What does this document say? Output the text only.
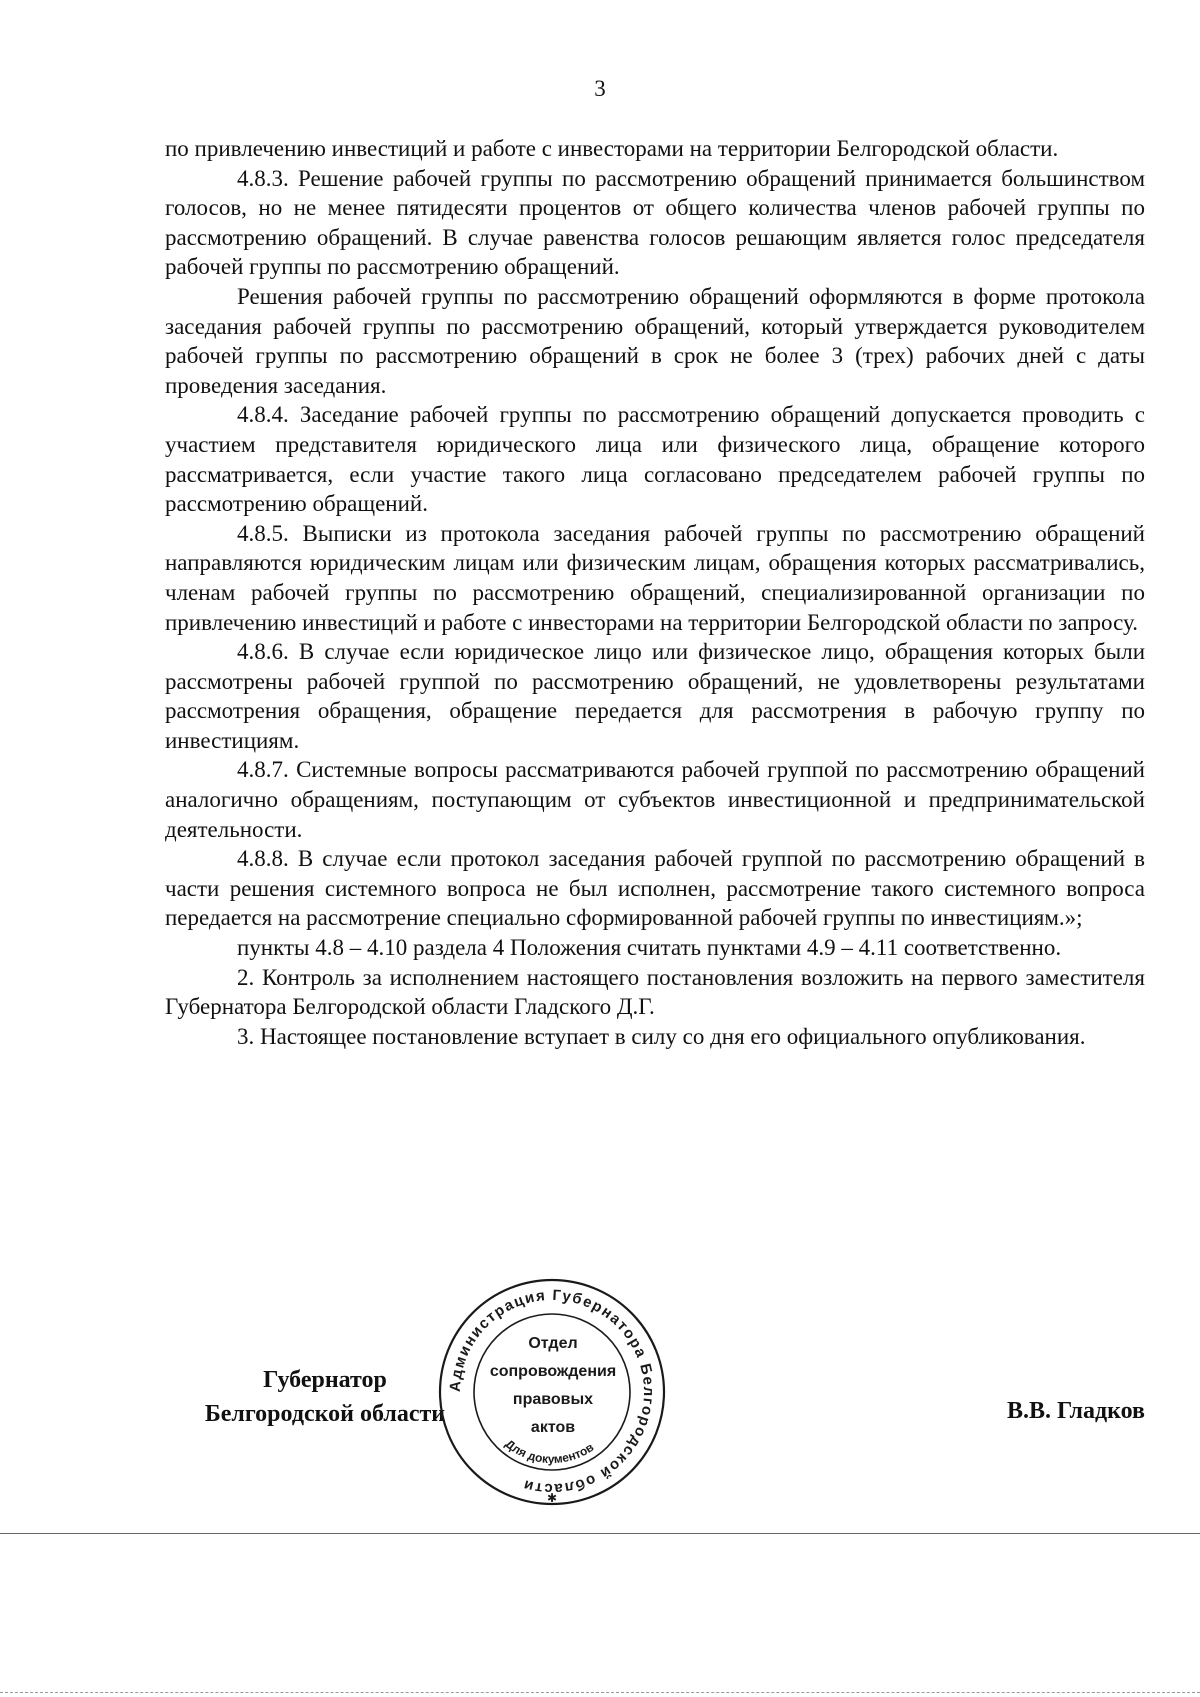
3

по привлечению инвестиций и работе с инвесторами на территории Белгородской области.

4.8.3. Решение рабочей группы по рассмотрению обращений принимается большинством голосов, но не менее пятидесяти процентов от общего количества членов рабочей группы по рассмотрению обращений. В случае равенства голосов решающим является голос председателя рабочей группы по рассмотрению обращений.

Решения рабочей группы по рассмотрению обращений оформляются в форме протокола заседания рабочей группы по рассмотрению обращений, который утверждается руководителем рабочей группы по рассмотрению обращений в срок не более 3 (трех) рабочих дней с даты проведения заседания.

4.8.4. Заседание рабочей группы по рассмотрению обращений допускается проводить с участием представителя юридического лица или физического лица, обращение которого рассматривается, если участие такого лица согласовано председателем рабочей группы по рассмотрению обращений.

4.8.5. Выписки из протокола заседания рабочей группы по рассмотрению обращений направляются юридическим лицам или физическим лицам, обращения которых рассматривались, членам рабочей группы по рассмотрению обращений, специализированной организации по привлечению инвестиций и работе с инвесторами на территории Белгородской области по запросу.

4.8.6. В случае если юридическое лицо или физическое лицо, обращения которых были рассмотрены рабочей группой по рассмотрению обращений, не удовлетворены результатами рассмотрения обращения, обращение передается для рассмотрения в рабочую группу по инвестициям.

4.8.7. Системные вопросы рассматриваются рабочей группой по рассмотрению обращений аналогично обращениям, поступающим от субъектов инвестиционной и предпринимательской деятельности.

4.8.8. В случае если протокол заседания рабочей группой по рассмотрению обращений в части решения системного вопроса не был исполнен, рассмотрение такого системного вопроса передается на рассмотрение специально сформированной рабочей группы по инвестициям.»;

пункты 4.8 – 4.10 раздела 4 Положения считать пунктами 4.9 – 4.11 соответственно.

2. Контроль за исполнением настоящего постановления возложить на первого заместителя Губернатора Белгородской области Гладского Д.Г.

3. Настоящее постановление вступает в силу со дня его официального опубликования.

Губернатор
Белгородской области
Администрация Губернатора Белгородской области
Для документов
✱
Отдел
сопровождения
правовых
актов
В.В. Гладков
